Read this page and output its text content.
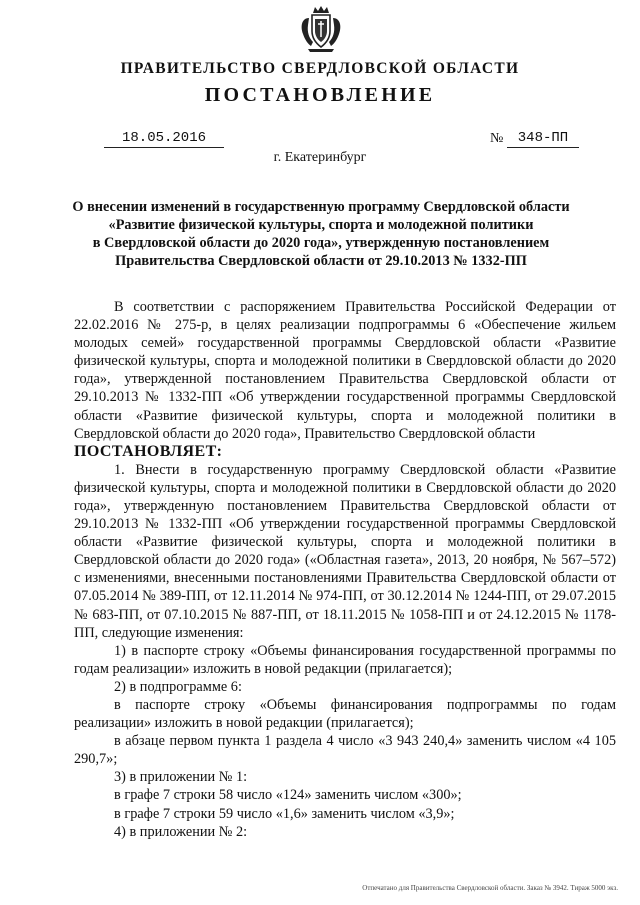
ПРАВИТЕЛЬСТВО СВЕРДЛОВСКОЙ ОБЛАСТИ
ПОСТАНОВЛЕНИЕ
18.05.2016	№	348-ПП
г. Екатеринбург
О внесении изменений в государственную программу Свердловской области
«Развитие физической культуры, спорта и молодежной политики
в Свердловской области до 2020 года», утвержденную постановлением
Правительства Свердловской области от 29.10.2013 № 1332-ПП

В соответствии с распоряжением Правительства Российской Федерации от 22.02.2016 № 275-р, в целях реализации подпрограммы 6 «Обеспечение жильем молодых семей» государственной программы Свердловской области «Развитие физической культуры, спорта и молодежной политики в Свердловской области до 2020 года», утвержденной постановлением Правительства Свердловской области от 29.10.2013 № 1332-ПП «Об утверждении государственной программы Свердловской области «Развитие физической культуры, спорта и молодежной политики в Свердловской области до 2020 года», Правительство Свердловской области

ПОСТАНОВЛЯЕТ:

1. Внести в государственную программу Свердловской области «Развитие физической культуры, спорта и молодежной политики в Свердловской области до 2020 года», утвержденную постановлением Правительства Свердловской области от 29.10.2013 № 1332-ПП «Об утверждении государственной программы Свердловской области «Развитие физической культуры, спорта и молодежной политики в Свердловской области до 2020 года» («Областная газета», 2013, 20 ноября, № 567–572) с изменениями, внесенными постановлениями Правительства Свердловской области от 07.05.2014 № 389-ПП, от 12.11.2014 № 974-ПП, от 30.12.2014 № 1244-ПП, от 29.07.2015 № 683-ПП, от 07.10.2015 № 887-ПП, от 18.11.2015 № 1058-ПП и от 24.12.2015 № 1178-ПП, следующие изменения:

1) в паспорте строку «Объемы финансирования государственной программы по годам реализации» изложить в новой редакции (прилагается);

2) в подпрограмме 6:

в паспорте строку «Объемы финансирования подпрограммы по годам реализации» изложить в новой редакции (прилагается);

в абзаце первом пункта 1 раздела 4 число «3 943 240,4» заменить числом «4 105 290,7»;

3) в приложении № 1:

в графе 7 строки 58 число «124» заменить числом «300»;

в графе 7 строки 59 число «1,6» заменить числом «3,9»;

4) в приложении № 2:

Отпечатано для Правительства Свердловской области. Заказ № 3942. Тираж 5000 экз.
